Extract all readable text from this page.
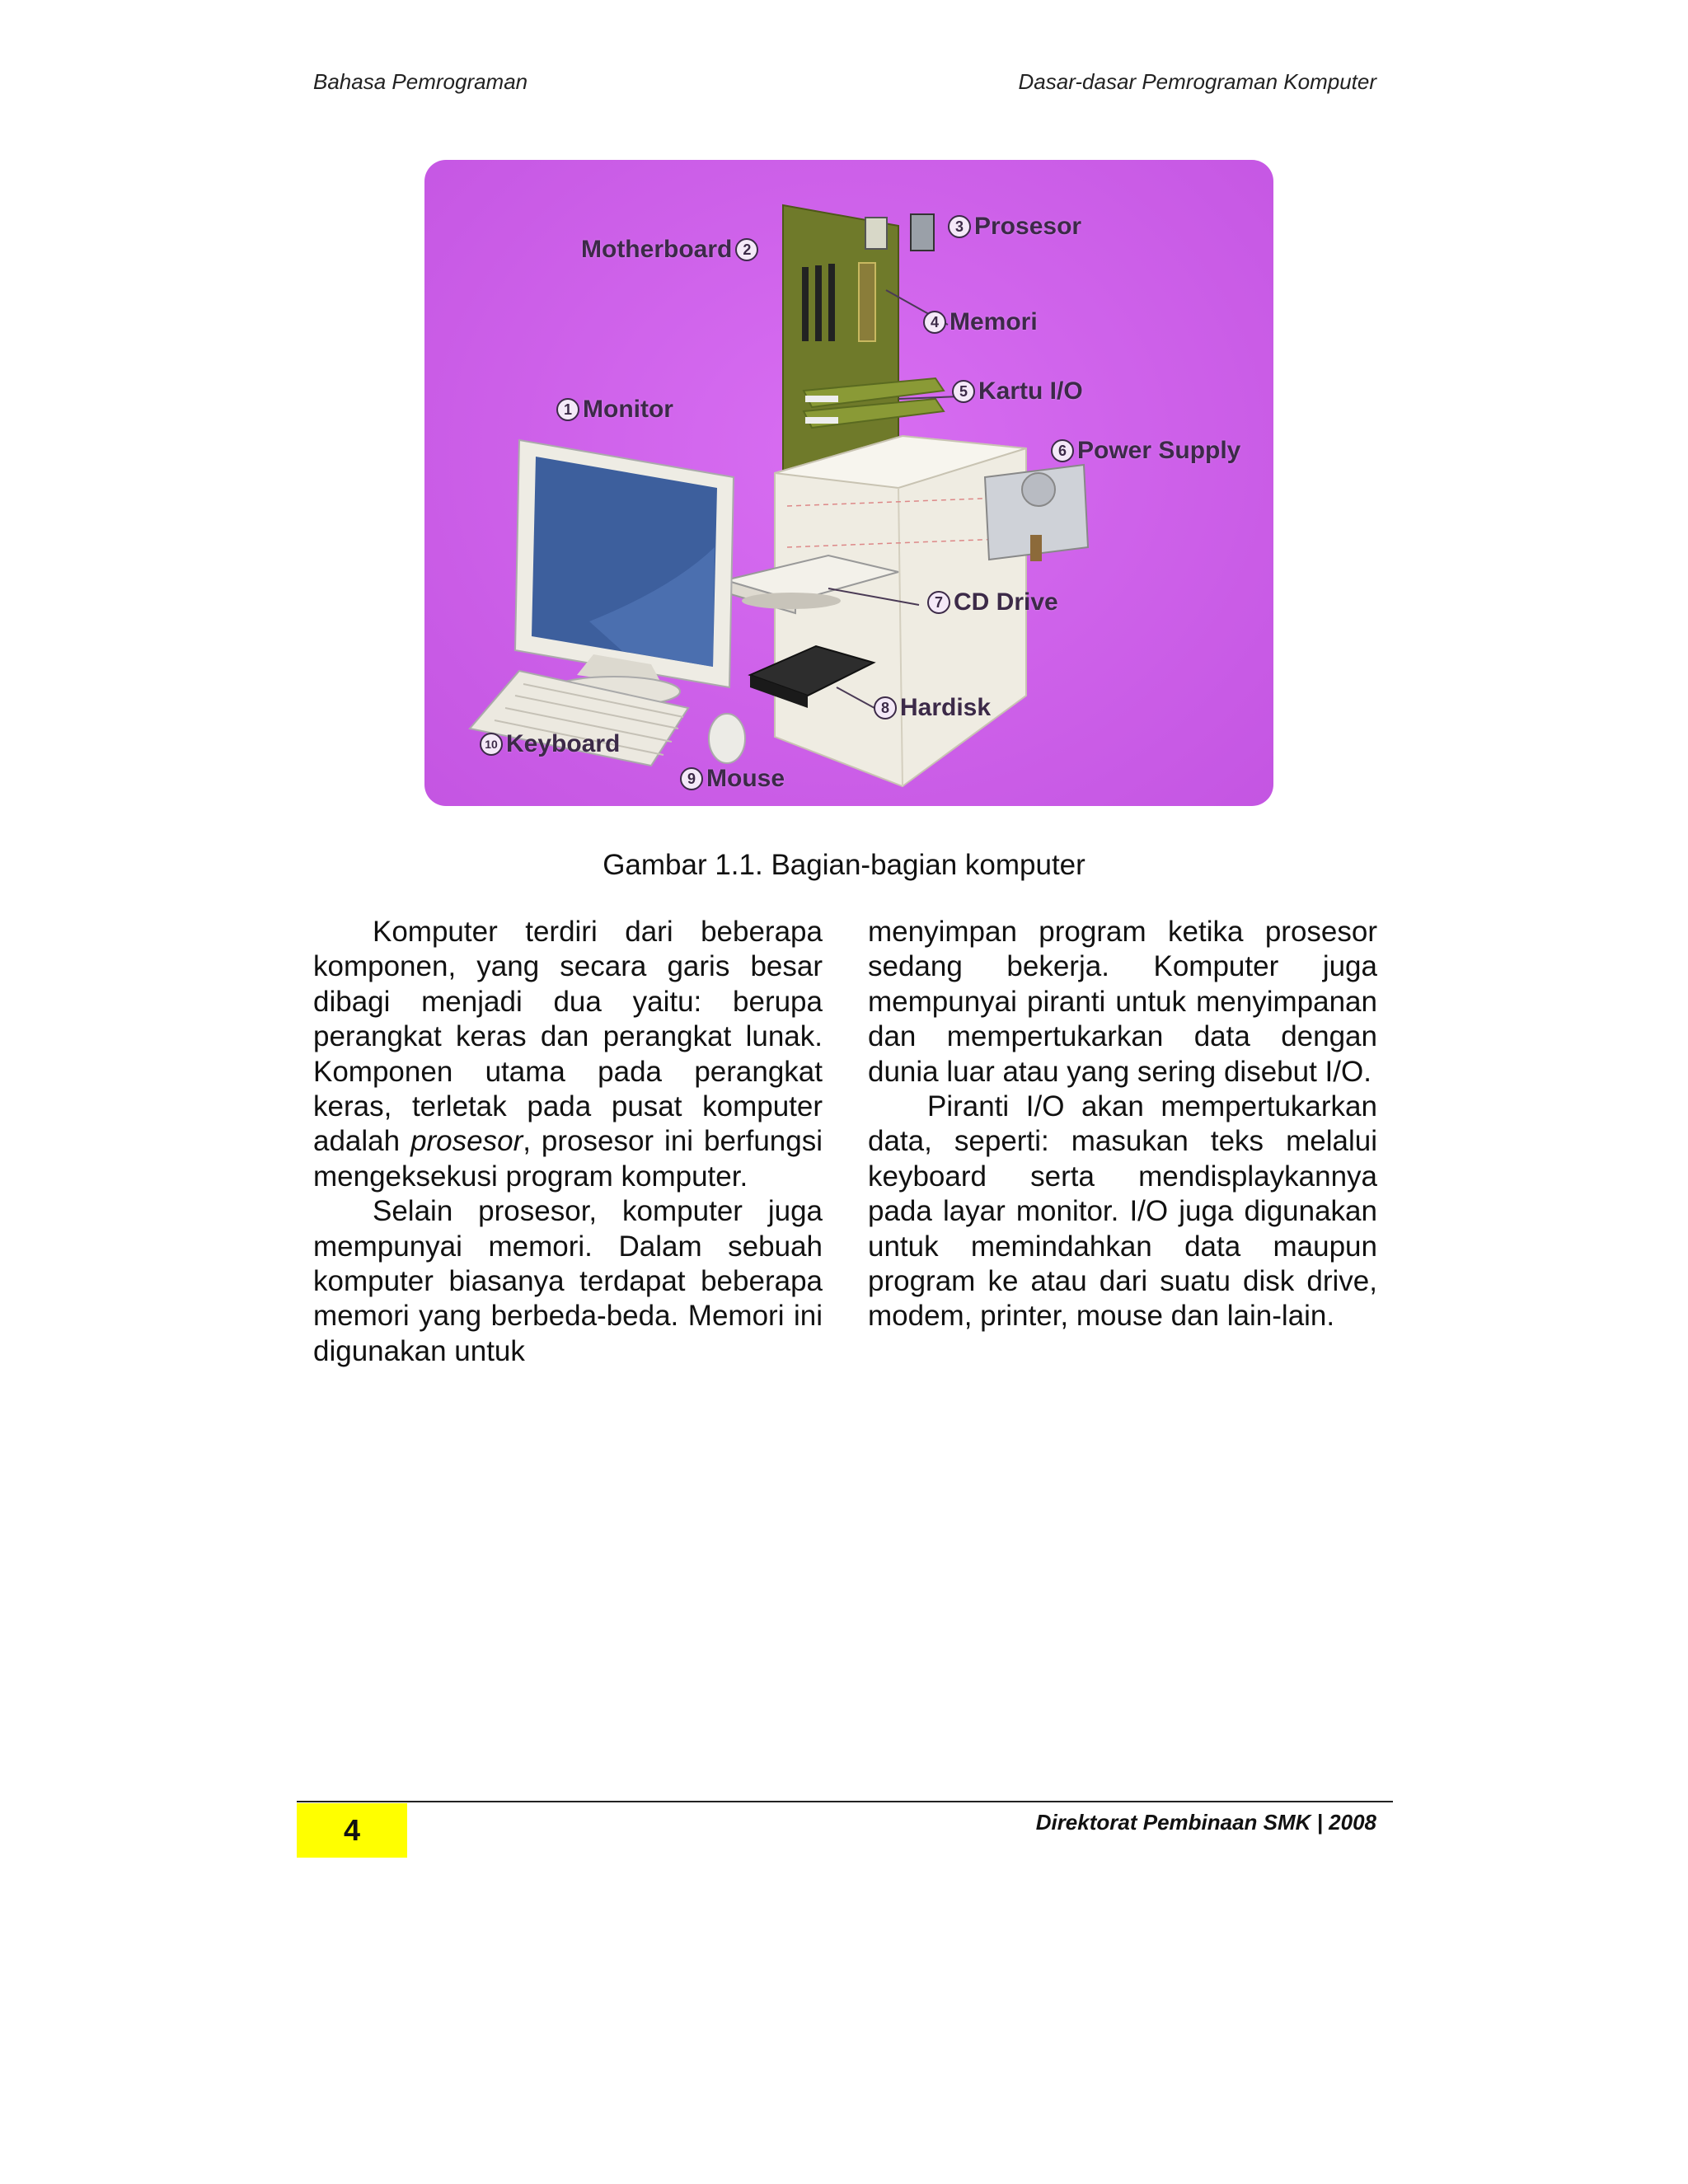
Bahasa Pemrograman	Dasar-dasar Pemrograman Komputer
Motherboard 2
3 Prosesor
4 Memori
5 Kartu I/O
1 Monitor
6 Power Supply
7 CD Drive
8 Hardisk
10 Keyboard
9 Mouse
Gambar 1.1. Bagian-bagian komputer

Komputer terdiri dari beberapa komponen, yang secara garis besar dibagi menjadi dua yaitu: berupa perangkat keras dan perangkat lunak. Komponen utama pada perangkat keras, terletak pada pusat komputer adalah prosesor, prosesor ini berfungsi mengeksekusi program komputer.

Selain prosesor, komputer juga mempunyai memori. Dalam sebuah komputer biasanya terdapat beberapa memori yang berbeda-beda. Memori ini digunakan untuk

menyimpan program ketika prosesor sedang bekerja. Komputer juga mempunyai piranti untuk menyimpanan dan mempertukarkan data dengan dunia luar atau yang sering disebut I/O.

Piranti I/O akan mempertukarkan data, seperti: masukan teks melalui keyboard serta mendisplaykannya pada layar monitor. I/O juga digunakan untuk memindahkan data maupun program ke atau dari suatu disk drive, modem, printer, mouse dan lain-lain.

4	Direktorat Pembinaan SMK | 2008
